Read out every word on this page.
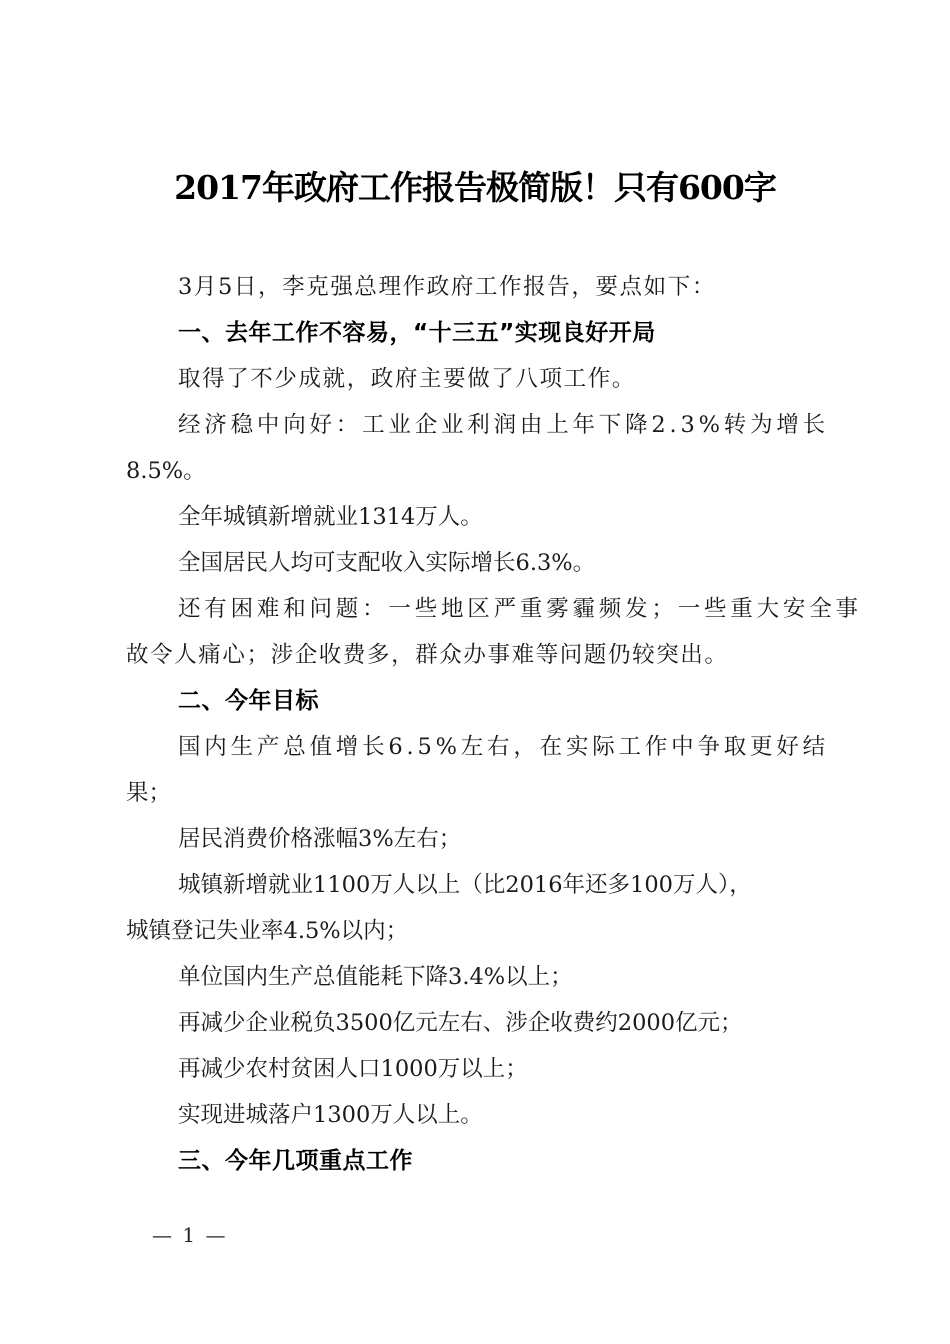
2017年政府工作报告极简版！只有600字
3月5日，李克强总理作政府工作报告，要点如下：
一、去年工作不容易，“十三五”实现良好开局
取得了不少成就，政府主要做了八项工作。
经济稳中向好：工业企业利润由上年下降2.3%转为增长
8.5%。
全年城镇新增就业1314万人。
全国居民人均可支配收入实际增长6.3%。
还有困难和问题：一些地区严重雾霾频发；一些重大安全事
故令人痛心；涉企收费多，群众办事难等问题仍较突出。
二、今年目标
国内生产总值增长6.5%左右，在实际工作中争取更好结
果；
居民消费价格涨幅3%左右；
城镇新增就业1100万人以上（比2016年还多100万人），
城镇登记失业率4.5%以内；
单位国内生产总值能耗下降3.4%以上；
再减少企业税负3500亿元左右、涉企收费约2000亿元；
再减少农村贫困人口1000万以上；
实现进城落户1300万人以上。
三、今年几项重点工作
— 1 —
